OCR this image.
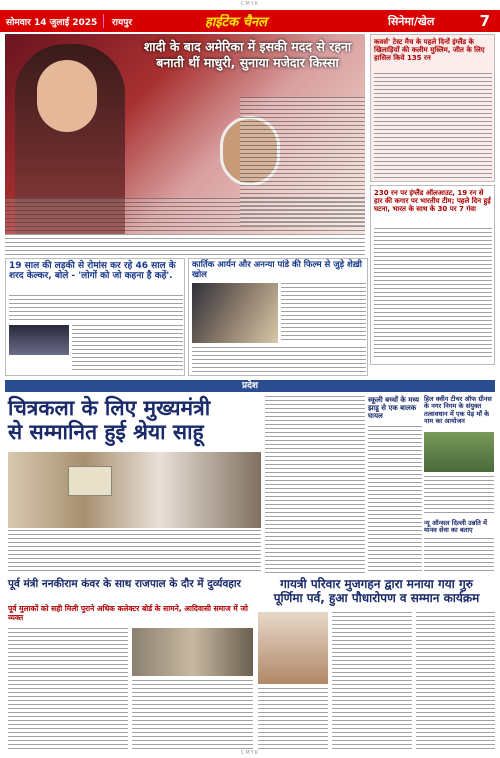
CMYK
सोमवार 14 जुलाई 2025 रायपुर	हाईटेक चैनल	सिनेमा/खेल	7
शादी के बाद अमेरिका में इसकी मदद से रहना
बनाती थीं माधुरी, सुनाया मजेदार किस्सा
कवर्स' टेस्ट मैच के पहले दिनों इंग्लैंड के खिलाड़ियों की कलीम मुस्लिम, जीत के लिए हासिल किये 135 रन
230 रन पर इंग्लैंड ऑलआउट, 19 रन से हार की कगार पर भारतीय टीम; पहले दिन हुई घटना, भारत के साथ के 30 पर 7 गंवा
19 साल की लड़की से रोमांस कर रहे 46 साल के शरद केल्कर, बोले - 'लोगों को जो कहना है कहें'.
कार्तिक आर्यन और अनन्या पांडे की फिल्म से जुड़े शेख़ी खोल
प्रदेश
चित्रकला के लिए मुख्यमंत्री
से सम्मानित हुई श्रेया साहू
स्कूली बच्चों के मध्य झाडू से एक बालक घायल
हिल क्वीन टीचर ऑफ ग्रीनस के नगर निगम के संयुक्त तत्वावधान में एक पेड़ माँ के नाम का आयोजन
न्यू ऑन्सल दिल्ली उन्नति में मानव सेवा का बताए
पूर्व मंत्री ननकीराम कंवर के साथ राजपाल के दौर में दुर्व्यवहार
पूर्व मुलाकों को सही मिली पुराने अधिक कलेक्टर बोर्ड के सामने, आदिवासी समाज में जो व्यक्त
गायत्री परिवार मुजगहन द्वारा मनाया गया गुरु
पूर्णिमा पर्व, हुआ पौधारोपण व सम्मान कार्यक्रम
CMYK
